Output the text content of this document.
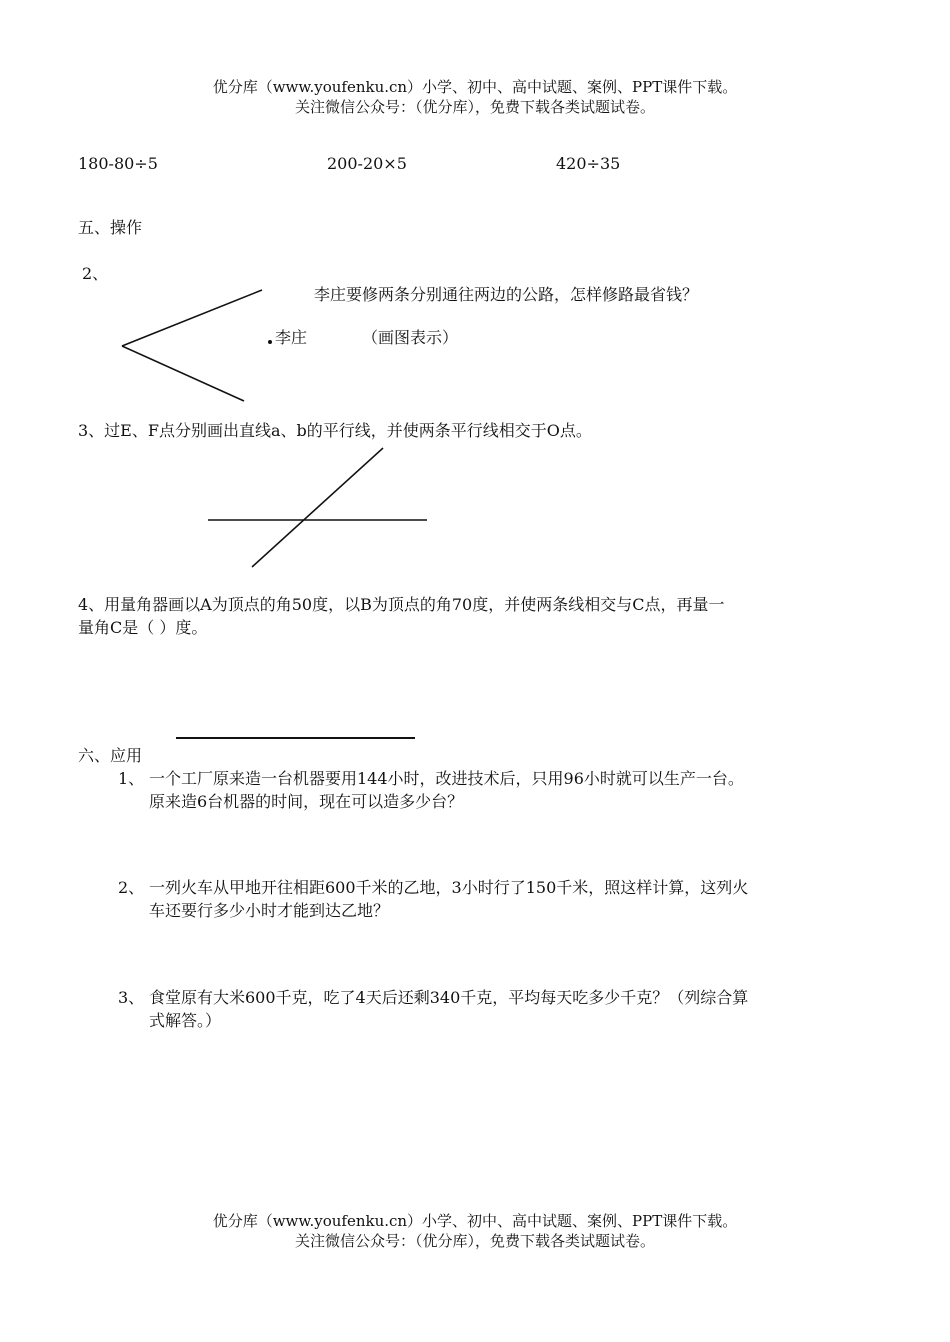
优分库（www.youfenku.cn）小学、初中、高中试题、案例、PPT课件下载。
关注微信公众号：（优分库），免费下载各类试题试卷。
180-80÷5	200-20×5	420÷35
五、操作
2、
李庄要修两条分别通往两边的公路，怎样修路最省钱？
李庄	（画图表示）
3、过E、F点分别画出直线a、b的平行线，并使两条平行线相交于O点。
4、用量角器画以A为顶点的角50度，以B为顶点的角70度，并使两条线相交与C点，再量一
量角C是（ ）度。
六、应用
1、 一个工厂原来造一台机器要用144小时，改进技术后，只用96小时就可以生产一台。
原来造6台机器的时间，现在可以造多少台？
2、 一列火车从甲地开往相距600千米的乙地，3小时行了150千米，照这样计算，这列火
车还要行多少小时才能到达乙地？
3、 食堂原有大米600千克，吃了4天后还剩340千克，平均每天吃多少千克？（列综合算
式解答。）
优分库（www.youfenku.cn）小学、初中、高中试题、案例、PPT课件下载。
关注微信公众号：（优分库），免费下载各类试题试卷。
